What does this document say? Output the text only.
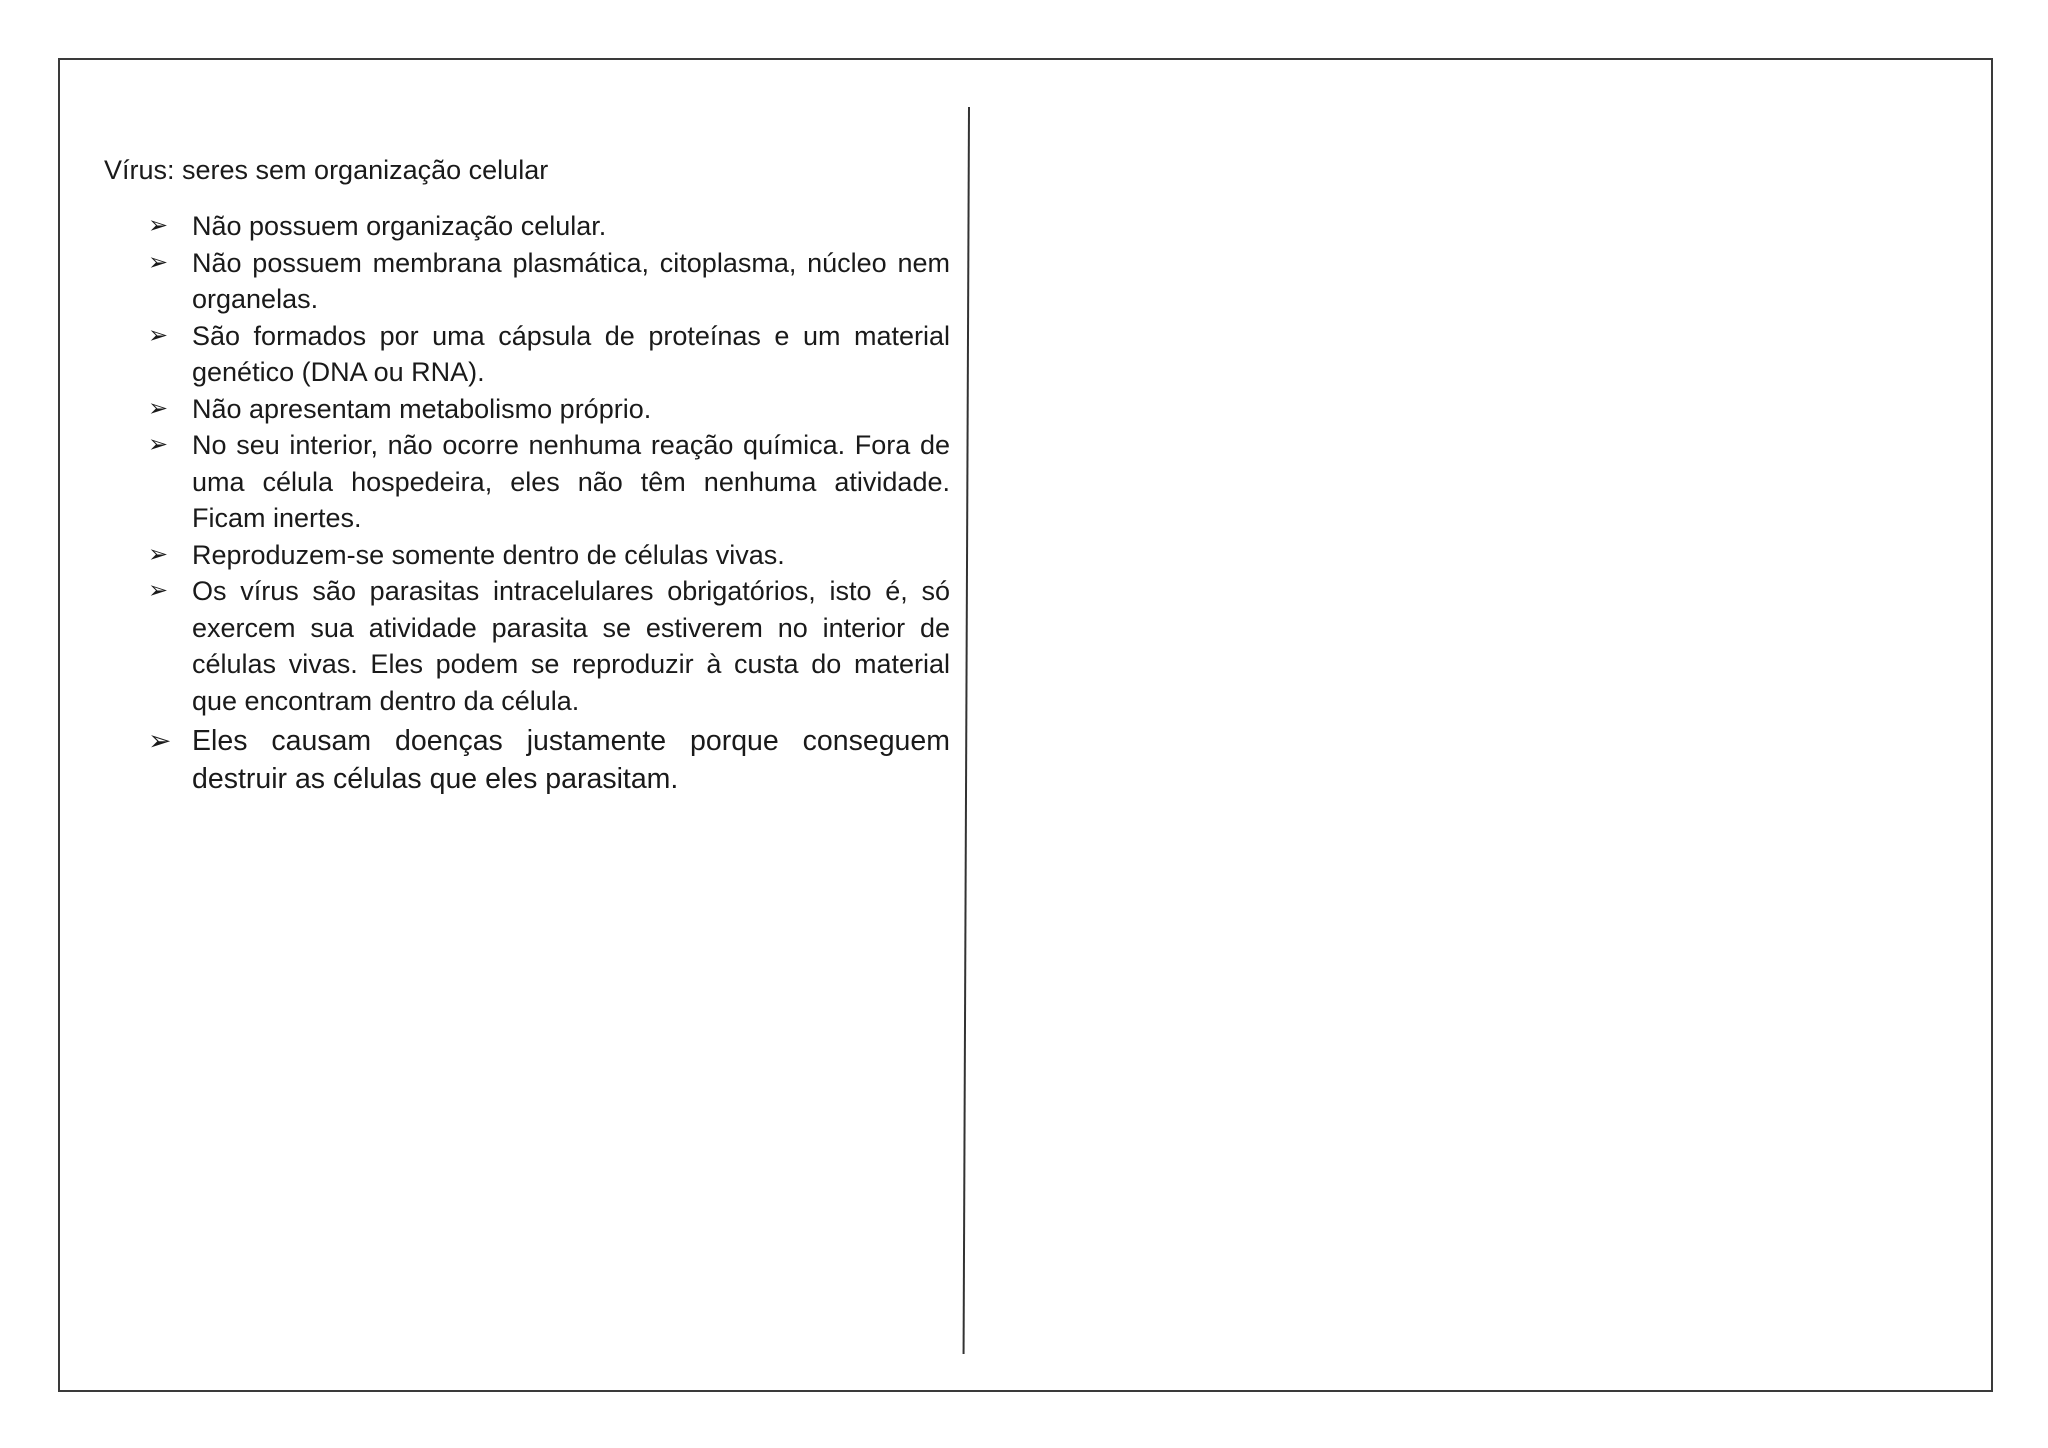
Vírus: seres sem organização celular
➢ Não possuem organização celular.
➢ Não possuem membrana plasmática, citoplasma, núcleo nem organelas.
➢ São formados por uma cápsula de proteínas e um material genético (DNA ou RNA).
➢ Não apresentam metabolismo próprio.
➢ No seu interior, não ocorre nenhuma reação química. Fora de uma célula hospedeira, eles não têm nenhuma atividade. Ficam inertes.
➢ Reproduzem-se somente dentro de células vivas.
➢ Os vírus são parasitas intracelulares obrigatórios, isto é, só exercem sua atividade parasita se estiverem no interior de células vivas. Eles podem se reproduzir à custa do material que encontram dentro da célula.
➢ Eles causam doenças justamente porque conseguem destruir as células que eles parasitam.
